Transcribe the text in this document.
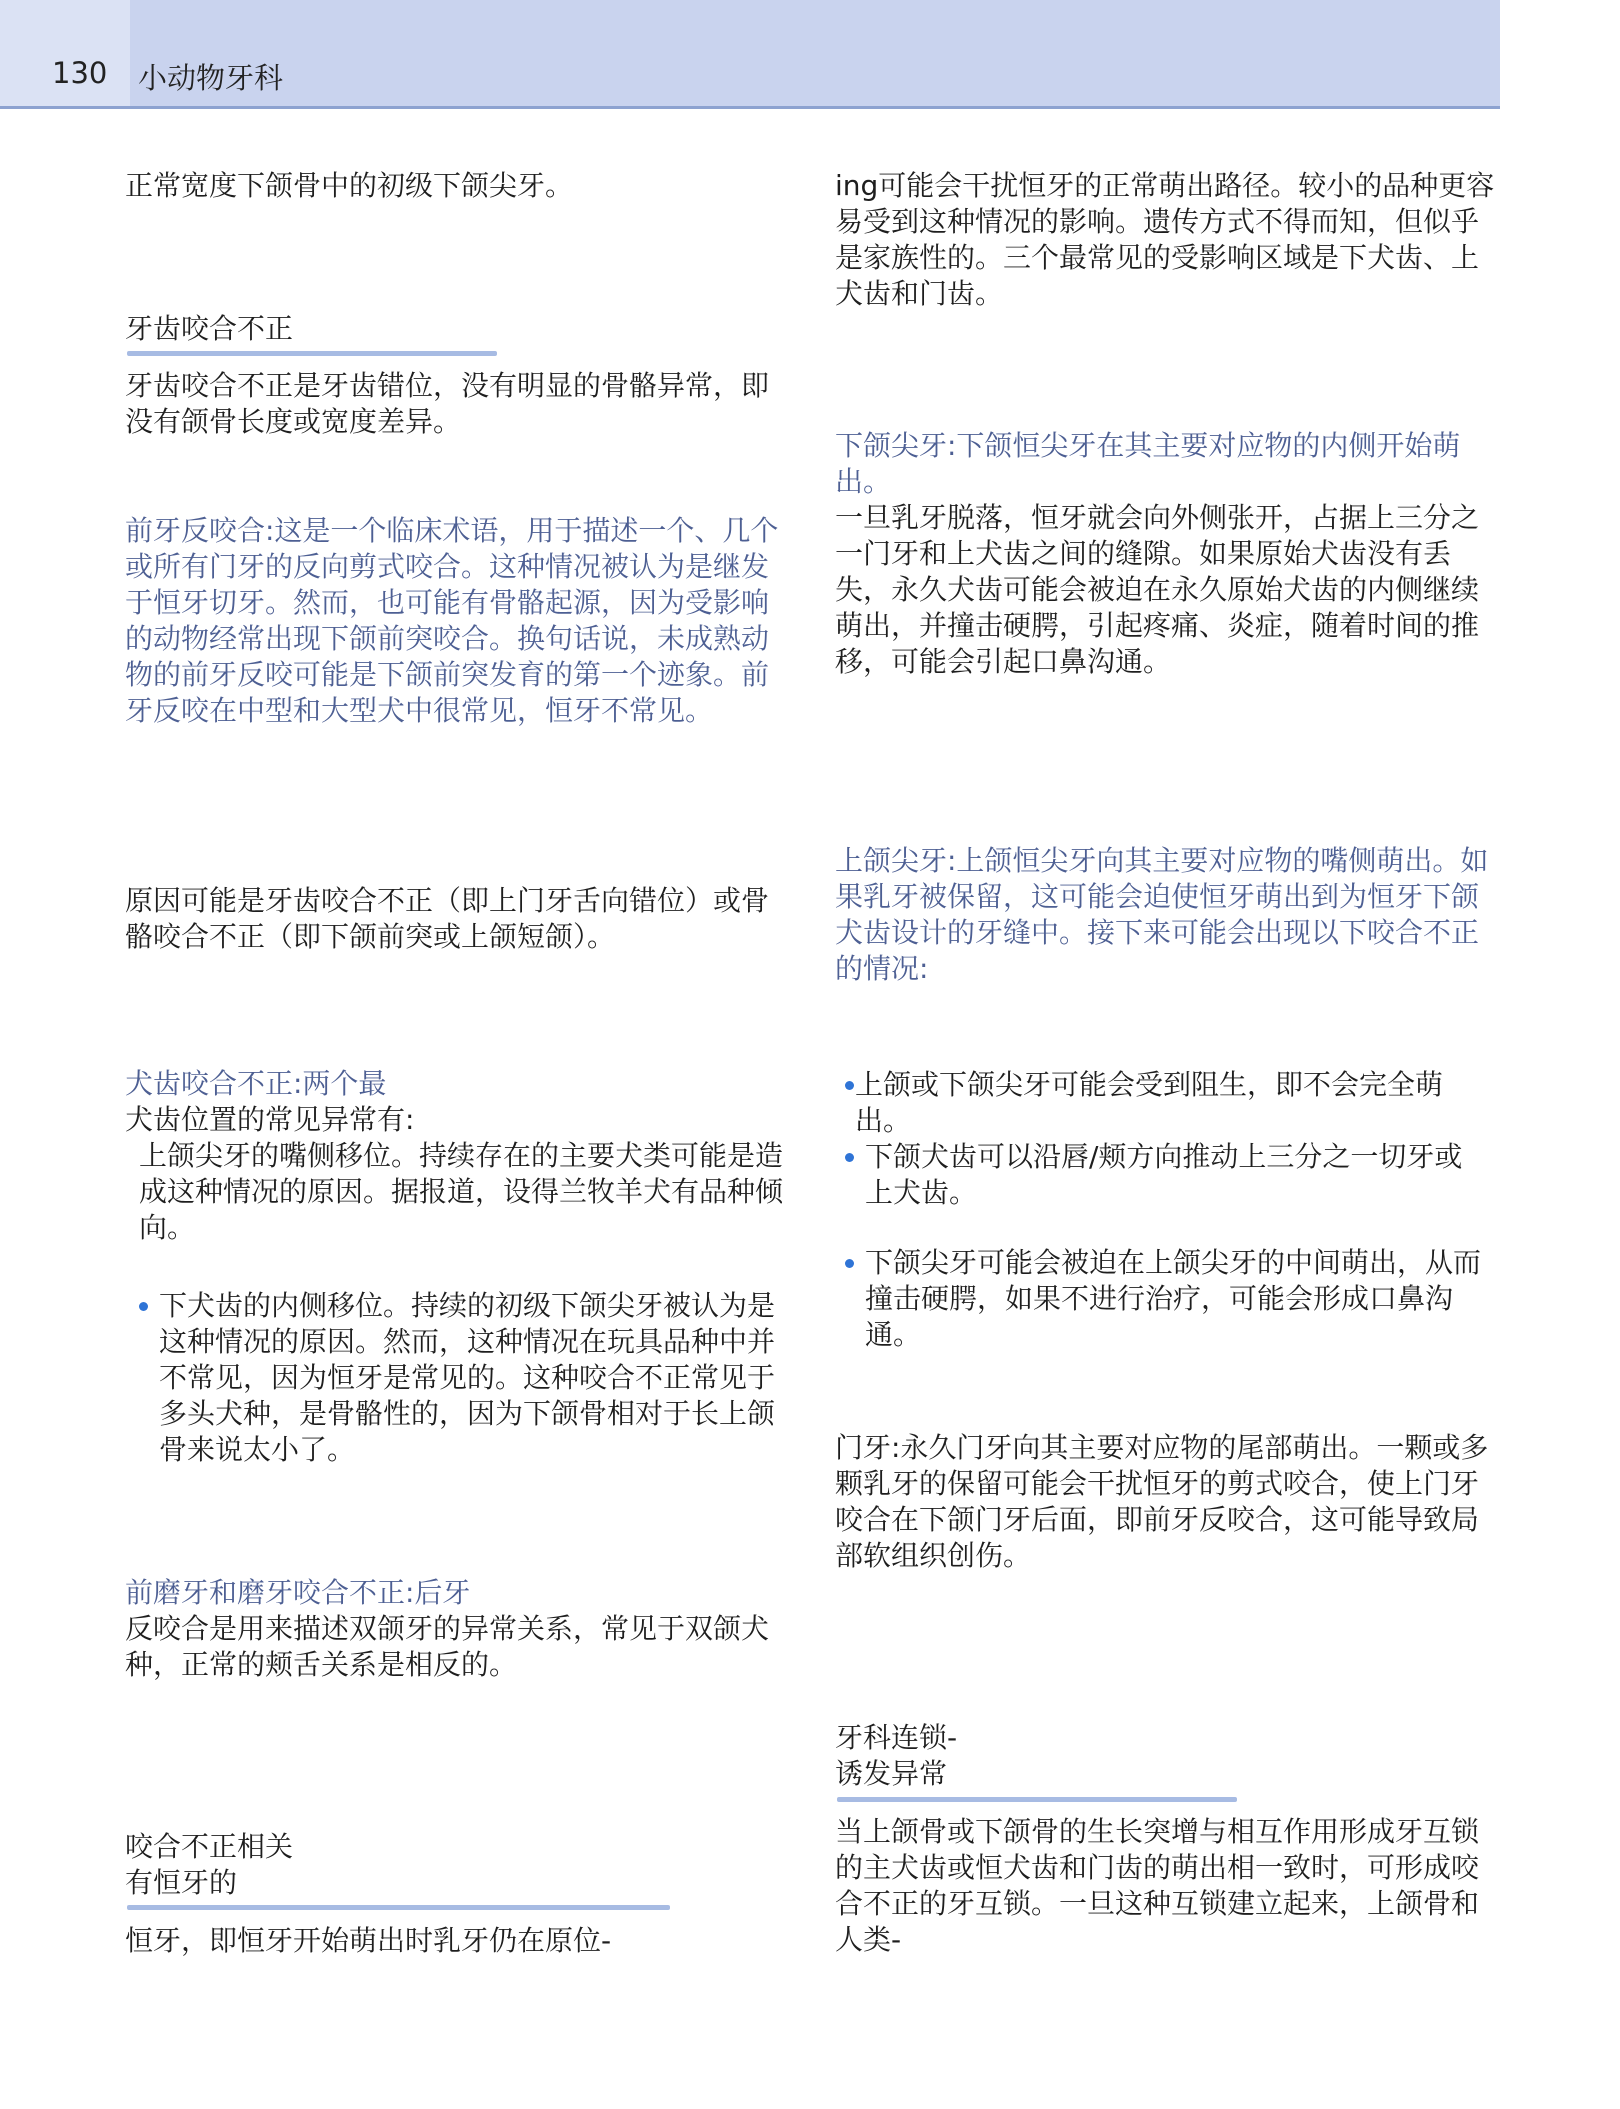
130 小动物牙科

正常宽度下颌骨中的初级下颌尖牙。

牙齿咬合不正

牙齿咬合不正是牙齿错位，没有明显的骨骼异常，即没有颌骨长度或宽度差异。

前牙反咬合:这是一个临床术语，用于描述一个、几个或所有门牙的反向剪式咬合。这种情况被认为是继发于恒牙切牙。然而，也可能有骨骼起源，因为受影响的动物经常出现下颌前突咬合。换句话说，未成熟动物的前牙反咬可能是下颌前突发育的第一个迹象。前牙反咬在中型和大型犬中很常见，恒牙不常见。

原因可能是牙齿咬合不正（即上门牙舌向错位）或骨骼咬合不正（即下颌前突或上颌短颌）。

犬齿咬合不正:两个最

犬齿位置的常见异常有:

上颌尖牙的嘴侧移位。持续存在的主要犬类可能是造成这种情况的原因。据报道，设得兰牧羊犬有品种倾向。

下犬齿的内侧移位。持续的初级下颌尖牙被认为是这种情况的原因。然而，这种情况在玩具品种中并不常见，因为恒牙是常见的。这种咬合不正常见于多头犬种，是骨骼性的，因为下颌骨相对于长上颌骨来说太小了。

前磨牙和磨牙咬合不正:后牙

反咬合是用来描述双颌牙的异常关系，常见于双颌犬种，正常的颊舌关系是相反的。

咬合不正相关

有恒牙的

恒牙，即恒牙开始萌出时乳牙仍在原位-

ing可能会干扰恒牙的正常萌出路径。较小的品种更容易受到这种情况的影响。遗传方式不得而知，但似乎是家族性的。三个最常见的受影响区域是下犬齿、上犬齿和门齿。

下颌尖牙:下颌恒尖牙在其主要对应物的内侧开始萌出。

一旦乳牙脱落，恒牙就会向外侧张开，占据上三分之一门牙和上犬齿之间的缝隙。如果原始犬齿没有丢失，永久犬齿可能会被迫在永久原始犬齿的内侧继续萌出，并撞击硬腭，引起疼痛、炎症，随着时间的推移，可能会引起口鼻沟通。

上颌尖牙:上颌恒尖牙向其主要对应物的嘴侧萌出。如果乳牙被保留，这可能会迫使恒牙萌出到为恒牙下颌犬齿设计的牙缝中。接下来可能会出现以下咬合不正的情况:

上颌或下颌尖牙可能会受到阻生，即不会完全萌出。
下颌犬齿可以沿唇/颊方向推动上三分之一切牙或上犬齿。
下颌尖牙可能会被迫在上颌尖牙的中间萌出，从而撞击硬腭，如果不进行治疗，可能会形成口鼻沟通。

门牙:永久门牙向其主要对应物的尾部萌出。一颗或多颗乳牙的保留可能会干扰恒牙的剪式咬合，使上门牙咬合在下颌门牙后面，即前牙反咬合，这可能导致局部软组织创伤。

牙科连锁-

诱发异常

当上颌骨或下颌骨的生长突增与相互作用形成牙互锁的主犬齿或恒犬齿和门齿的萌出相一致时，可形成咬合不正的牙互锁。一旦这种互锁建立起来，上颌骨和人类-
